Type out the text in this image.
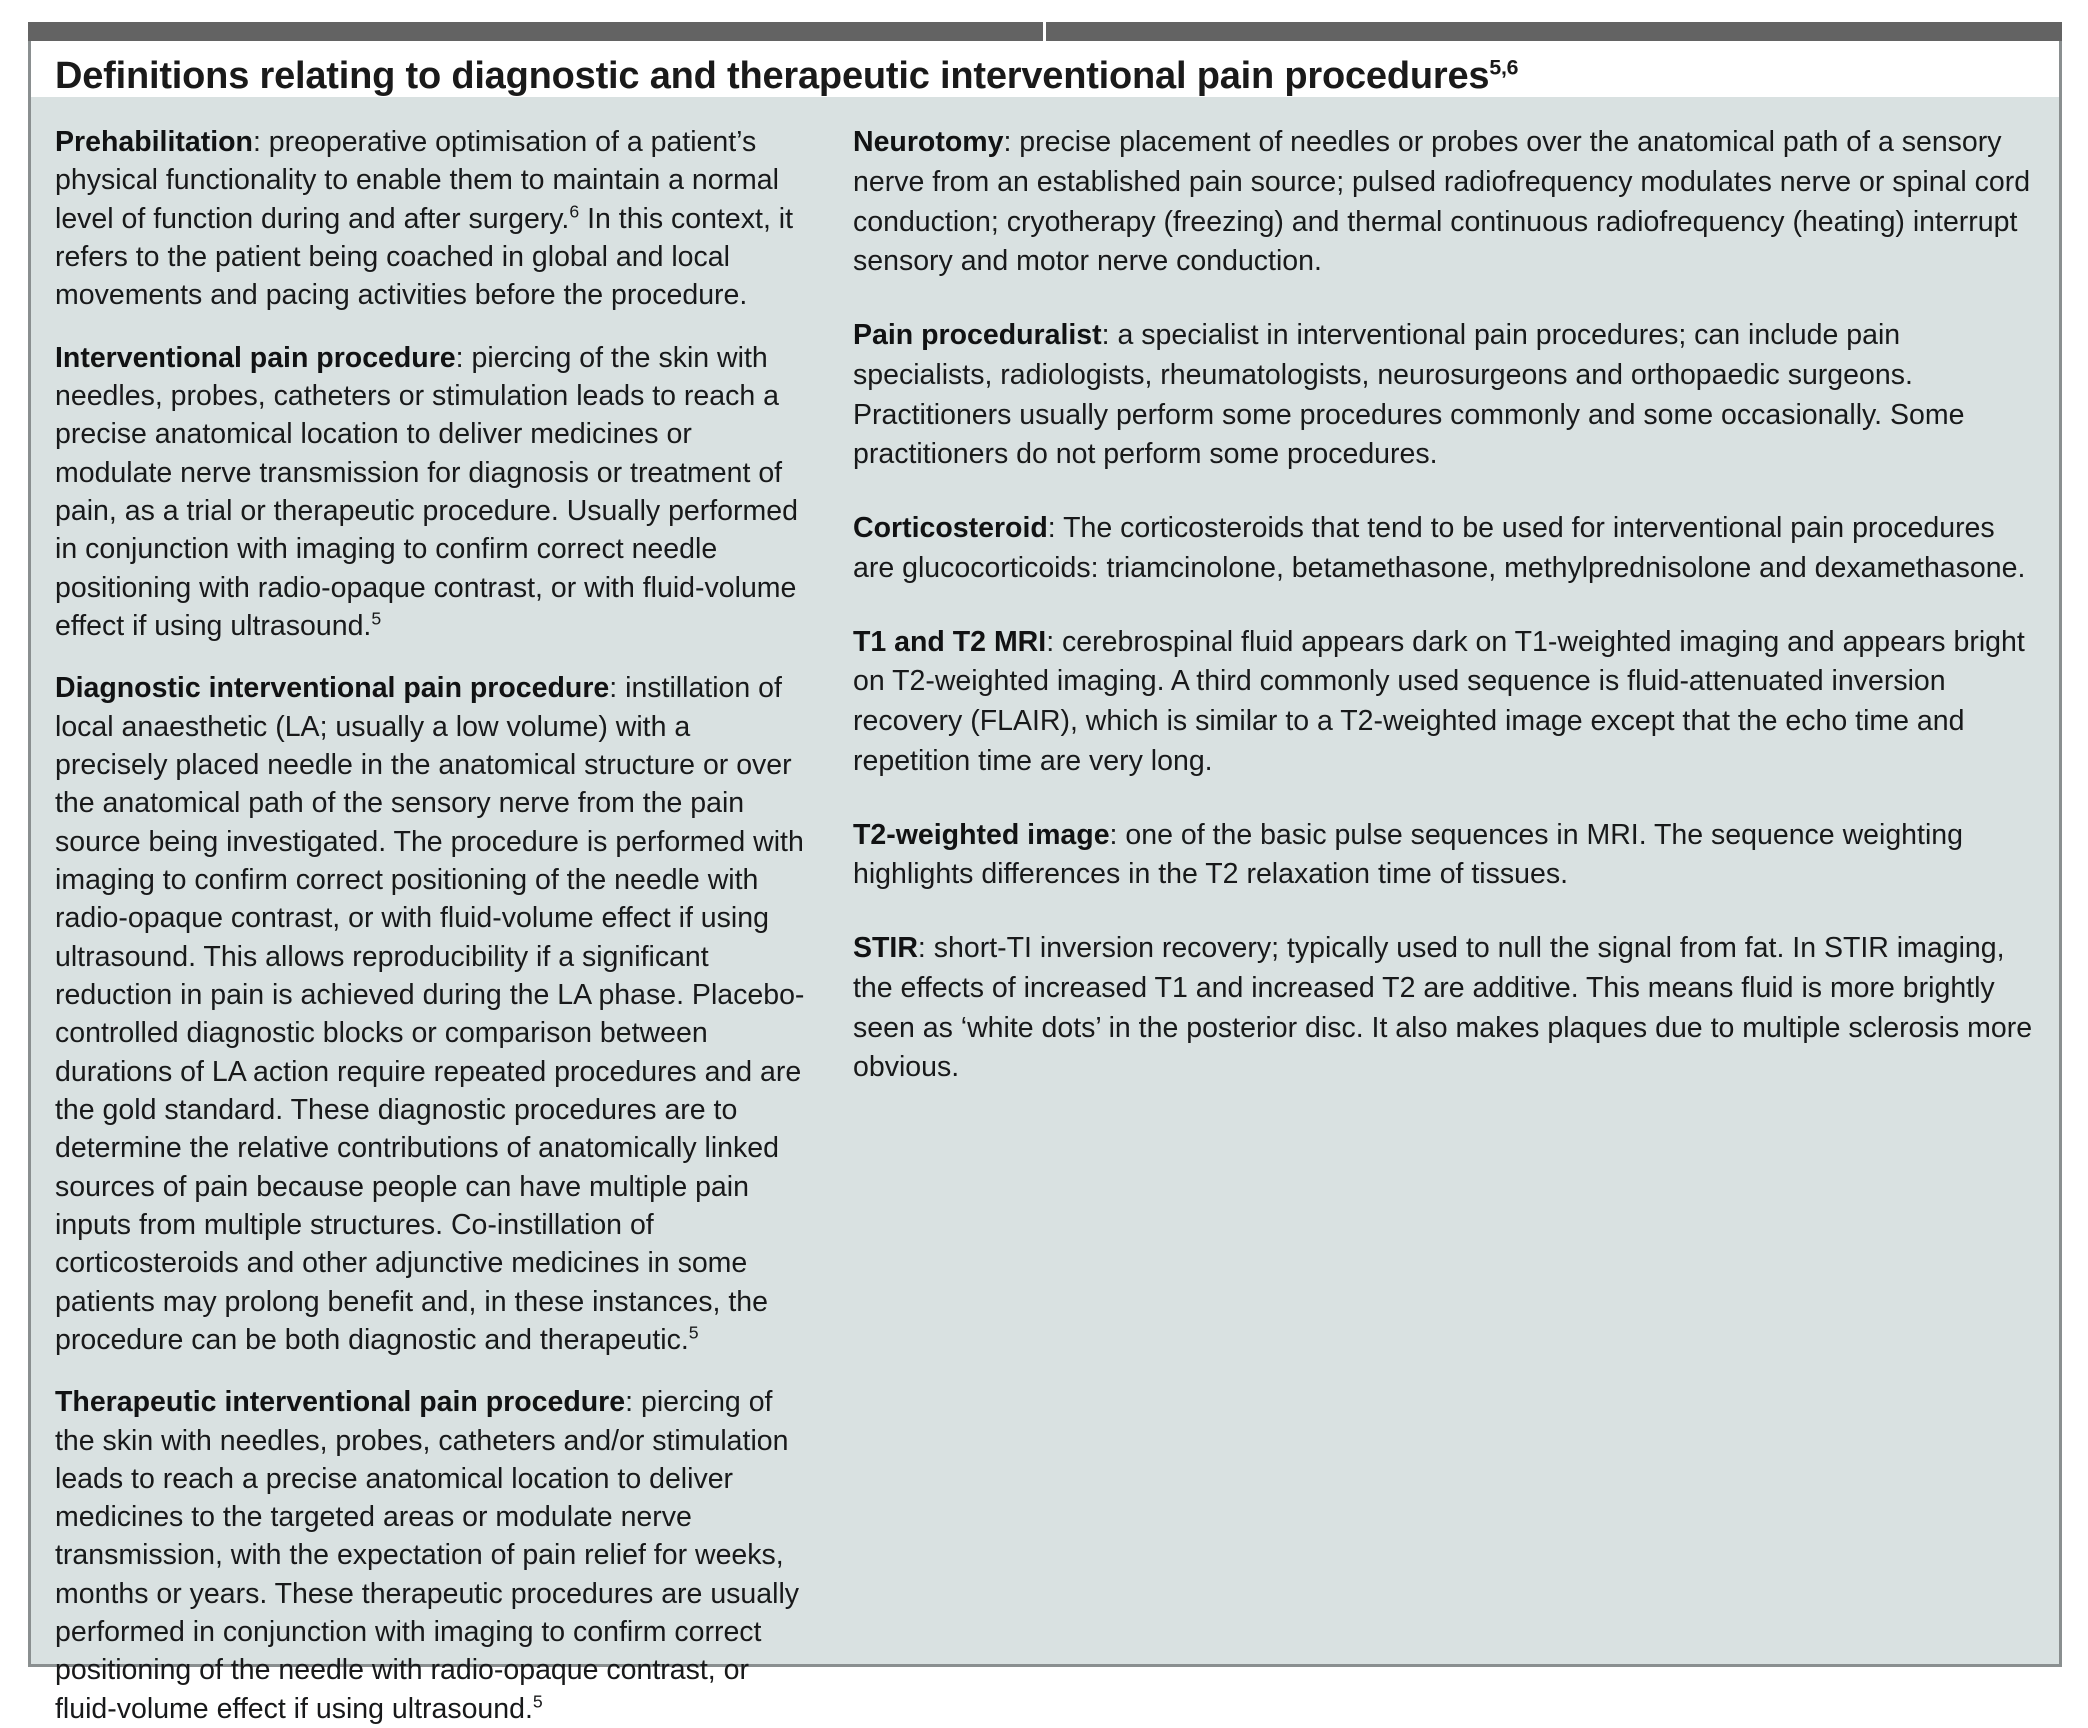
Definitions relating to diagnostic and therapeutic interventional pain procedures$^{5,6}$

Prehabilitation: preoperative optimisation of a patient’s physical functionality to enable them to maintain a normal level of function during and after surgery.$^6$ In this context, it refers to the patient being coached in global and local movements and pacing activities before the procedure.

Interventional pain procedure: piercing of the skin with needles, probes, catheters or stimulation leads to reach a precise anatomical location to deliver medicines or modulate nerve transmission for diagnosis or treatment of pain, as a trial or therapeutic procedure. Usually performed in conjunction with imaging to confirm correct needle positioning with radio-opaque contrast, or with fluid-volume effect if using ultrasound.$^5$

Diagnostic interventional pain procedure: instillation of local anaesthetic (LA; usually a low volume) with a precisely placed needle in the anatomical structure or over the anatomical path of the sensory nerve from the pain source being investigated. The procedure is performed with imaging to confirm correct positioning of the needle with radio-opaque contrast, or with fluid-volume effect if using ultrasound. This allows reproducibility if a significant reduction in pain is achieved during the LA phase. Placebo-controlled diagnostic blocks or comparison between durations of LA action require repeated procedures and are the gold standard. These diagnostic procedures are to determine the relative contributions of anatomically linked sources of pain because people can have multiple pain inputs from multiple structures. Co-instillation of corticosteroids and other adjunctive medicines in some patients may prolong benefit and, in these instances, the procedure can be both diagnostic and therapeutic.$^5$

Therapeutic interventional pain procedure: piercing of the skin with needles, probes, catheters and/or stimulation leads to reach a precise anatomical location to deliver medicines to the targeted areas or modulate nerve transmission, with the expectation of pain relief for weeks, months or years. These therapeutic procedures are usually performed in conjunction with imaging to confirm correct positioning of the needle with radio-opaque contrast, or fluid-volume effect if using ultrasound.$^5$

Neurotomy: precise placement of needles or probes over the anatomical path of a sensory nerve from an established pain source; pulsed radiofrequency modulates nerve or spinal cord conduction; cryotherapy (freezing) and thermal continuous radiofrequency (heating) interrupt sensory and motor nerve conduction.

Pain proceduralist: a specialist in interventional pain procedures; can include pain specialists, radiologists, rheumatologists, neurosurgeons and orthopaedic surgeons. Practitioners usually perform some procedures commonly and some occasionally. Some practitioners do not perform some procedures.

Corticosteroid: The corticosteroids that tend to be used for interventional pain procedures are glucocorticoids: triamcinolone, betamethasone, methylprednisolone and dexamethasone.

T1 and T2 MRI: cerebrospinal fluid appears dark on T1-weighted imaging and appears bright on T2-weighted imaging. A third commonly used sequence is fluid-attenuated inversion recovery (FLAIR), which is similar to a T2-weighted image except that the echo time and repetition time are very long.

T2-weighted image: one of the basic pulse sequences in MRI. The sequence weighting highlights differences in the T2 relaxation time of tissues.

STIR: short-TI inversion recovery; typically used to null the signal from fat. In STIR imaging, the effects of increased T1 and increased T2 are additive. This means fluid is more brightly seen as ‘white dots’ in the posterior disc. It also makes plaques due to multiple sclerosis more obvious.
